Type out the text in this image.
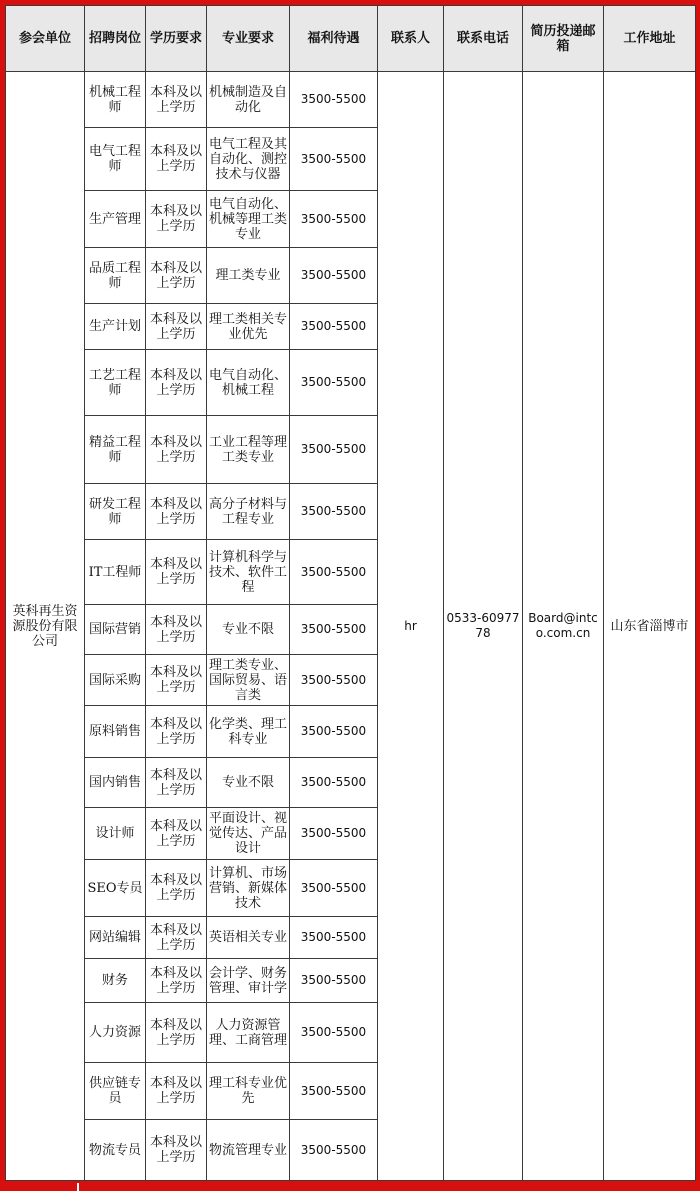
参会单位	招聘岗位	学历要求	专业要求	福利待遇	联系人	联系电话	简历投递邮箱	工作地址
英科再生资源股份有限公司	机械工程师	本科及以上学历	机械制造及自动化	3500-5500	hr	0533-6097778	Board@intco.com.cn	山东省淄博市
	电气工程师	本科及以上学历	电气工程及其自动化、测控技术与仪器	3500-5500				
	生产管理	本科及以上学历	电气自动化、机械等理工类专业	3500-5500				
	品质工程师	本科及以上学历	理工类专业	3500-5500				
	生产计划	本科及以上学历	理工类相关专业优先	3500-5500				
	工艺工程师	本科及以上学历	电气自动化、机械工程	3500-5500				
	精益工程师	本科及以上学历	工业工程等理工类专业	3500-5500				
	研发工程师	本科及以上学历	高分子材料与工程专业	3500-5500				
	IT工程师	本科及以上学历	计算机科学与技术、软件工程	3500-5500				
	国际营销	本科及以上学历	专业不限	3500-5500				
	国际采购	本科及以上学历	理工类专业、国际贸易、语言类	3500-5500				
	原料销售	本科及以上学历	化学类、理工科专业	3500-5500				
	国内销售	本科及以上学历	专业不限	3500-5500				
	设计师	本科及以上学历	平面设计、视觉传达、产品设计	3500-5500				
	SEO专员	本科及以上学历	计算机、市场营销、新媒体技术	3500-5500				
	网站编辑	本科及以上学历	英语相关专业	3500-5500				
	财务	本科及以上学历	会计学、财务管理、审计学	3500-5500				
	人力资源	本科及以上学历	人力资源管理、工商管理	3500-5500				
	供应链专员	本科及以上学历	理工科专业优先	3500-5500				
	物流专员	本科及以上学历	物流管理专业	3500-5500				
